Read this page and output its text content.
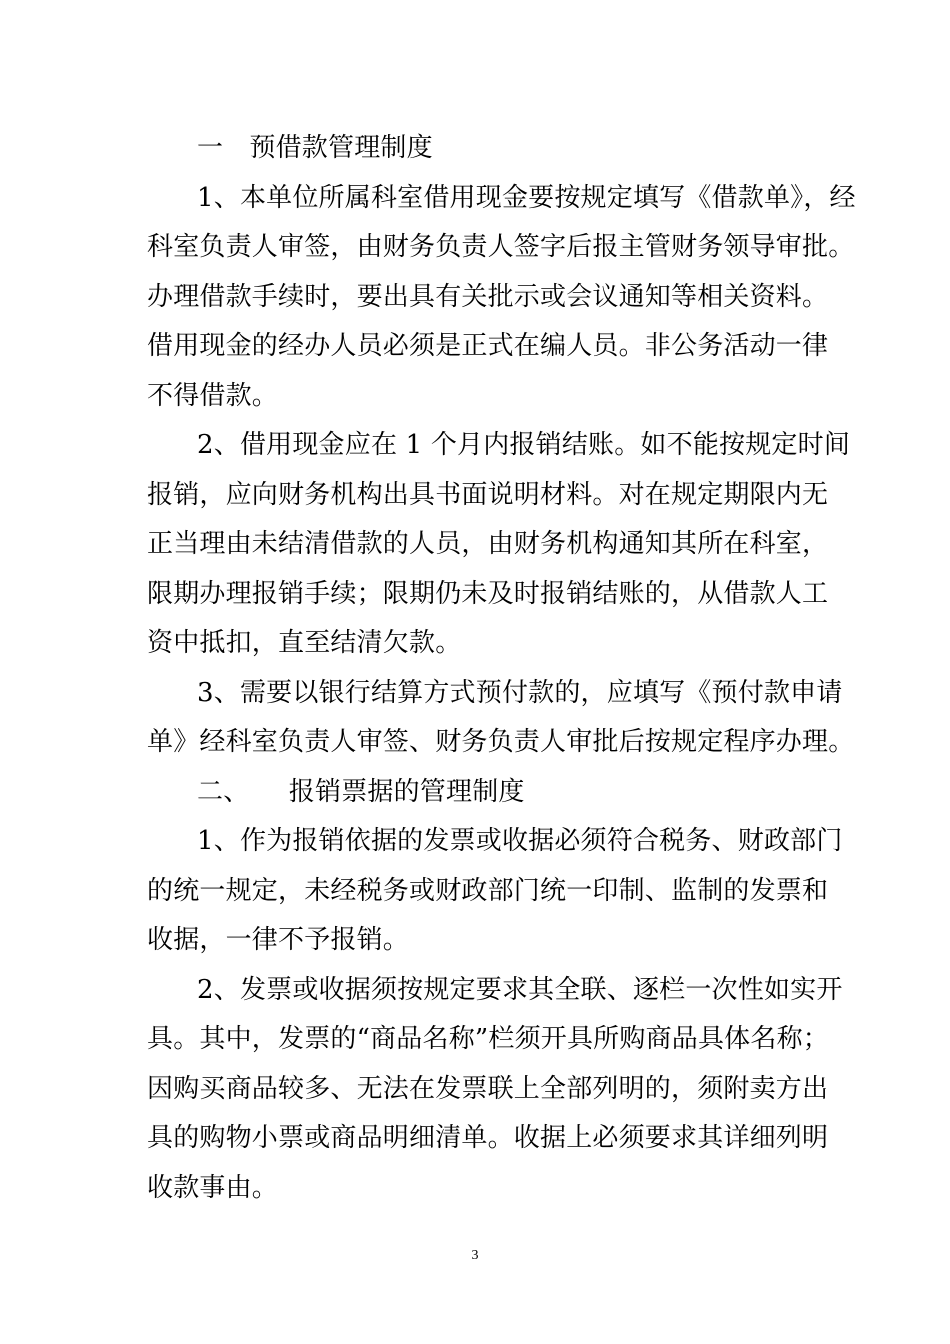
一　预借款管理制度
1、本单位所属科室借用现金要按规定填写《借款单》，经
科室负责人审签，由财务负责人签字后报主管财务领导审批。
办理借款手续时，要出具有关批示或会议通知等相关资料。
借用现金的经办人员必须是正式在编人员。非公务活动一律
不得借款。
2、借用现金应在 1 个月内报销结账。如不能按规定时间
报销，应向财务机构出具书面说明材料。对在规定期限内无
正当理由未结清借款的人员，由财务机构通知其所在科室，
限期办理报销手续；限期仍未及时报销结账的，从借款人工
资中抵扣，直至结清欠款。
3、需要以银行结算方式预付款的，应填写《预付款申请
单》经科室负责人审签、财务负责人审批后按规定程序办理。
二、　　报销票据的管理制度
1、作为报销依据的发票或收据必须符合税务、财政部门
的统一规定，未经税务或财政部门统一印制、监制的发票和
收据，一律不予报销。
2、发票或收据须按规定要求其全联、逐栏一次性如实开
具。其中，发票的“商品名称”栏须开具所购商品具体名称；
因购买商品较多、无法在发票联上全部列明的，须附卖方出
具的购物小票或商品明细清单。收据上必须要求其详细列明
收款事由。
3
